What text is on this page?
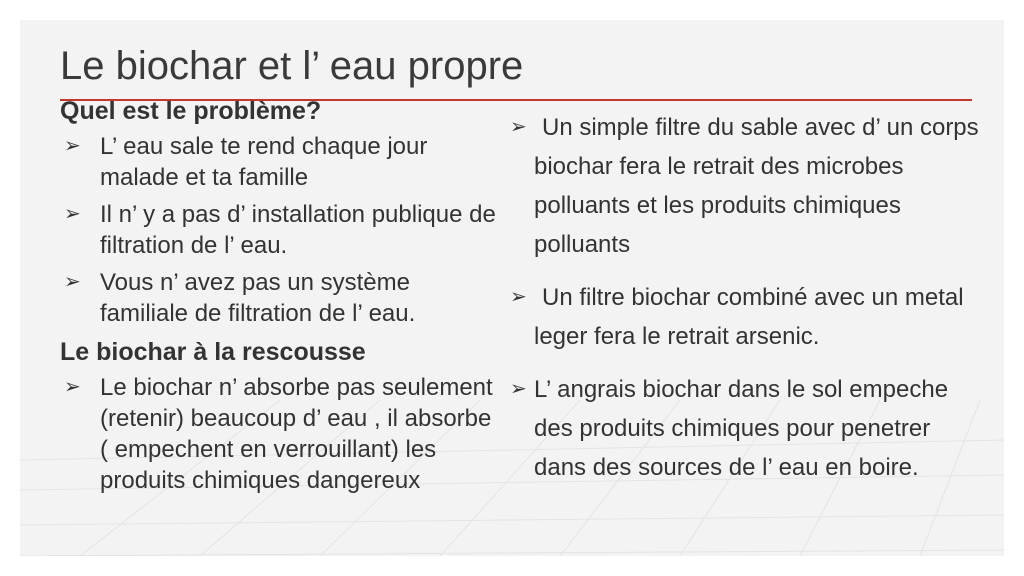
Le biochar et l’ eau propre
Quel est le problème?
➢ L’ eau sale te rend chaque jour malade et ta famille
➢ Il n’ y a pas d’ installation publique de filtration de l’ eau.
➢ Vous n’ avez pas un système familiale de filtration de l’ eau.
Le biochar à la rescousse
➢ Le biochar n’ absorbe pas seulement (retenir) beaucoup d’ eau , il absorbe ( empechent en verrouillant) les produits chimiques dangereux
➢ Un simple filtre du sable avec d’ un corps biochar fera le retrait des microbes polluants et les produits chimiques polluants
➢ Un filtre biochar combiné avec un metal leger fera le retrait arsenic.
➢ L’ angrais biochar dans le sol empeche des produits chimiques pour penetrer dans des sources de l’ eau en boire.
